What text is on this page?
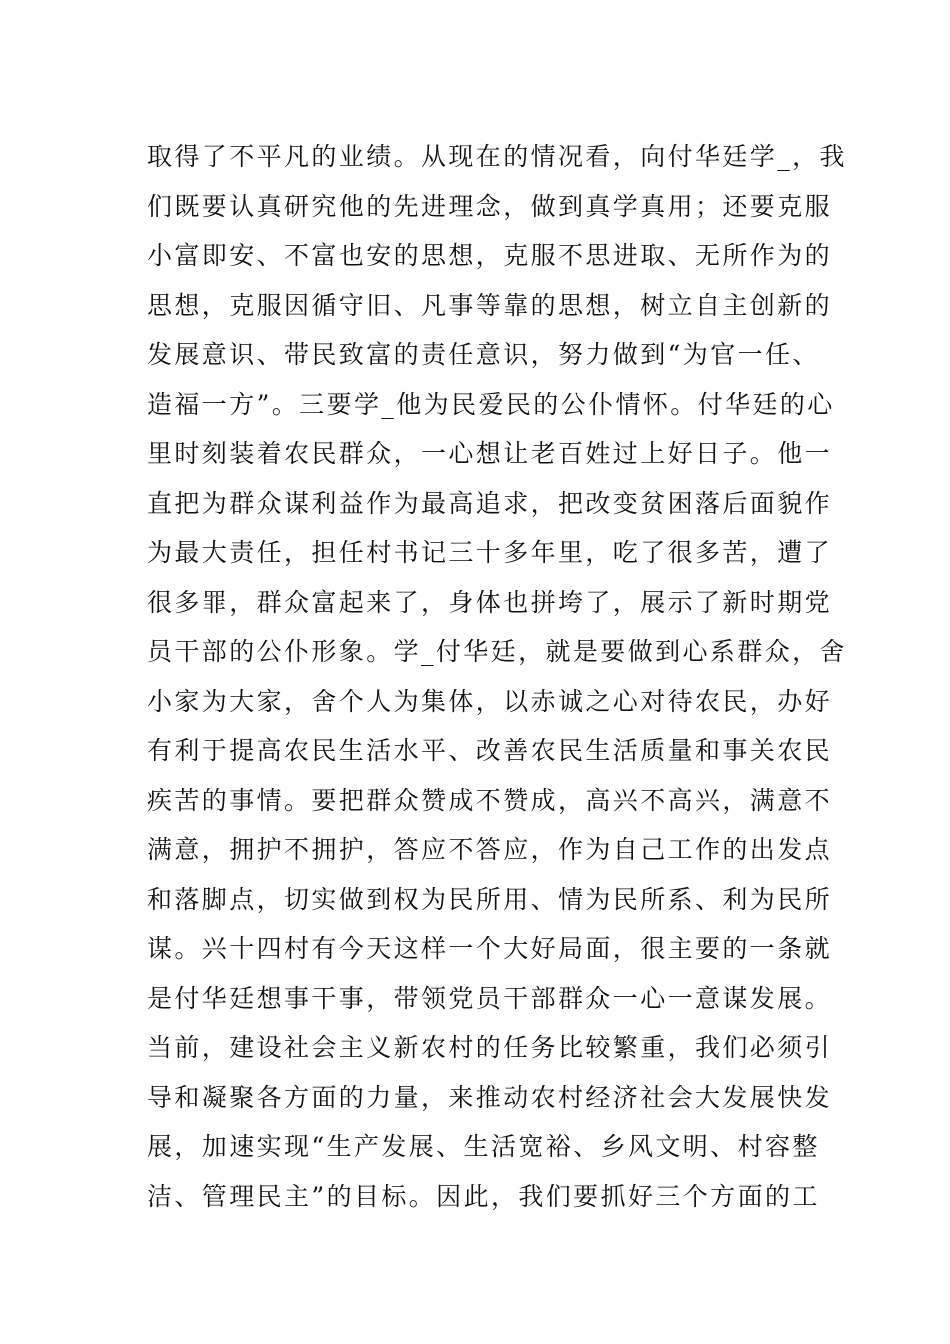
取得了不平凡的业绩。从现在的情况看，向付华廷学_，我
们既要认真研究他的先进理念，做到真学真用；还要克服
小富即安、不富也安的思想，克服不思进取、无所作为的
思想，克服因循守旧、凡事等靠的思想，树立自主创新的
发展意识、带民致富的责任意识，努力做到“为官一任、
造福一方”。三要学_他为民爱民的公仆情怀。付华廷的心
里时刻装着农民群众，一心想让老百姓过上好日子。他一
直把为群众谋利益作为最高追求，把改变贫困落后面貌作
为最大责任，担任村书记三十多年里，吃了很多苦，遭了
很多罪，群众富起来了，身体也拼垮了，展示了新时期党
员干部的公仆形象。学_付华廷，就是要做到心系群众，舍
小家为大家，舍个人为集体，以赤诚之心对待农民，办好
有利于提高农民生活水平、改善农民生活质量和事关农民
疾苦的事情。要把群众赞成不赞成，高兴不高兴，满意不
满意，拥护不拥护，答应不答应，作为自己工作的出发点
和落脚点，切实做到权为民所用、情为民所系、利为民所
谋。兴十四村有今天这样一个大好局面，很主要的一条就
是付华廷想事干事，带领党员干部群众一心一意谋发展。
当前，建设社会主义新农村的任务比较繁重，我们必须引
导和凝聚各方面的力量，来推动农村经济社会大发展快发
展，加速实现“生产发展、生活宽裕、乡风文明、村容整
洁、管理民主”的目标。因此，我们要抓好三个方面的工
